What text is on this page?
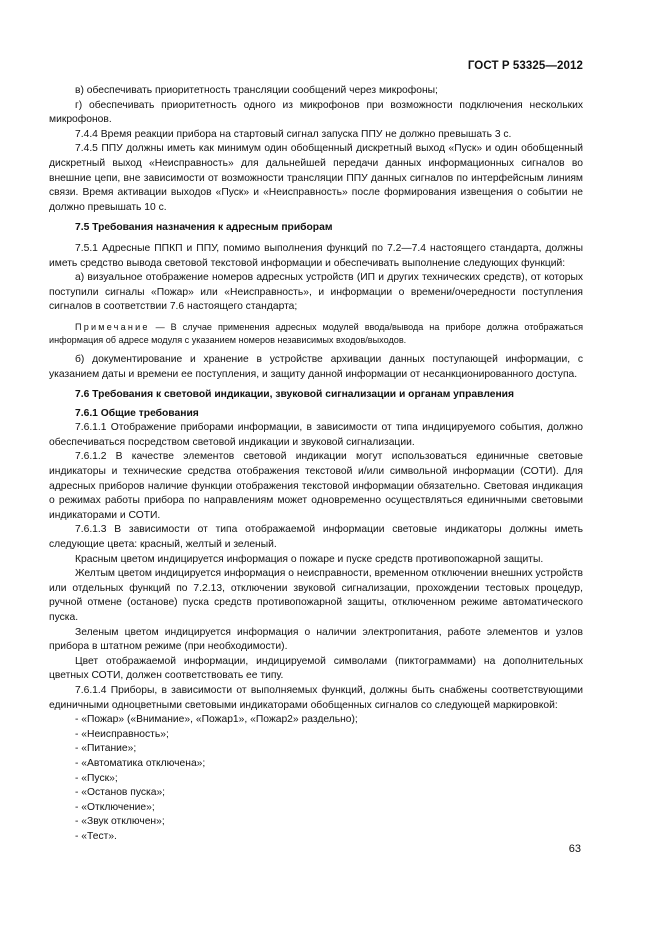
ГОСТ Р 53325—2012

в) обеспечивать приоритетность трансляции сообщений через микрофоны;

г) обеспечивать приоритетность одного из микрофонов при возможности подключения нескольких микрофонов.

7.4.4 Время реакции прибора на стартовый сигнал запуска ППУ не должно превышать 3 с.

7.4.5 ППУ должны иметь как минимум один обобщенный дискретный выход «Пуск» и один обобщенный дискретный выход «Неисправность» для дальнейшей передачи данных информационных сигналов во внешние цепи, вне зависимости от возможности трансляции ППУ данных сигналов по интерфейсным линиям связи. Время активации выходов «Пуск» и «Неисправность» после формирования извещения о событии не должно превышать 10 с.

7.5 Требования назначения к адресным приборам

7.5.1 Адресные ППКП и ППУ, помимо выполнения функций по 7.2—7.4 настоящего стандарта, должны иметь средство вывода световой текстовой информации и обеспечивать выполнение следующих функций:

а) визуальное отображение номеров адресных устройств (ИП и других технических средств), от которых поступили сигналы «Пожар» или «Неисправность», и информации о времени/очередности поступления сигналов в соответствии 7.6 настоящего стандарта;

Примечание — В случае применения адресных модулей ввода/вывода на приборе должна отображаться информация об адресе модуля с указанием номеров независимых входов/выходов.

б) документирование и хранение в устройстве архивации данных поступающей информации, с указанием даты и времени ее поступления, и защиту данной информации от несанкционированного доступа.

7.6 Требования к световой индикации, звуковой сигнализации и органам управления

7.6.1 Общие требования

7.6.1.1 Отображение приборами информации, в зависимости от типа индицируемого события, должно обеспечиваться посредством световой индикации и звуковой сигнализации.

7.6.1.2 В качестве элементов световой индикации могут использоваться единичные световые индикаторы и технические средства отображения текстовой и/или символьной информации (СОТИ). Для адресных приборов наличие функции отображения текстовой информации обязательно. Световая индикация о режимах работы прибора по направлениям может одновременно осуществляться единичными световыми индикаторами и СОТИ.

7.6.1.3 В зависимости от типа отображаемой информации световые индикаторы должны иметь следующие цвета: красный, желтый и зеленый.

Красным цветом индицируется информация о пожаре и пуске средств противопожарной защиты.

Желтым цветом индицируется информация о неисправности, временном отключении внешних устройств или отдельных функций по 7.2.13, отключении звуковой сигнализации, прохождении тестовых процедур, ручной отмене (останове) пуска средств противопожарной защиты, отключенном режиме автоматического пуска.

Зеленым цветом индицируется информация о наличии электропитания, работе элементов и узлов прибора в штатном режиме (при необходимости).

Цвет отображаемой информации, индицируемой символами (пиктограммами) на дополнительных цветных СОТИ, должен соответствовать ее типу.

7.6.1.4 Приборы, в зависимости от выполняемых функций, должны быть снабжены соответствующими единичными одноцветными световыми индикаторами обобщенных сигналов со следующей маркировкой:

- «Пожар» («Внимание», «Пожар1», «Пожар2» раздельно);
- «Неисправность»;
- «Питание»;
- «Автоматика отключена»;
- «Пуск»;
- «Останов пуска»;
- «Отключение»;
- «Звук отключен»;
- «Тест».
63
